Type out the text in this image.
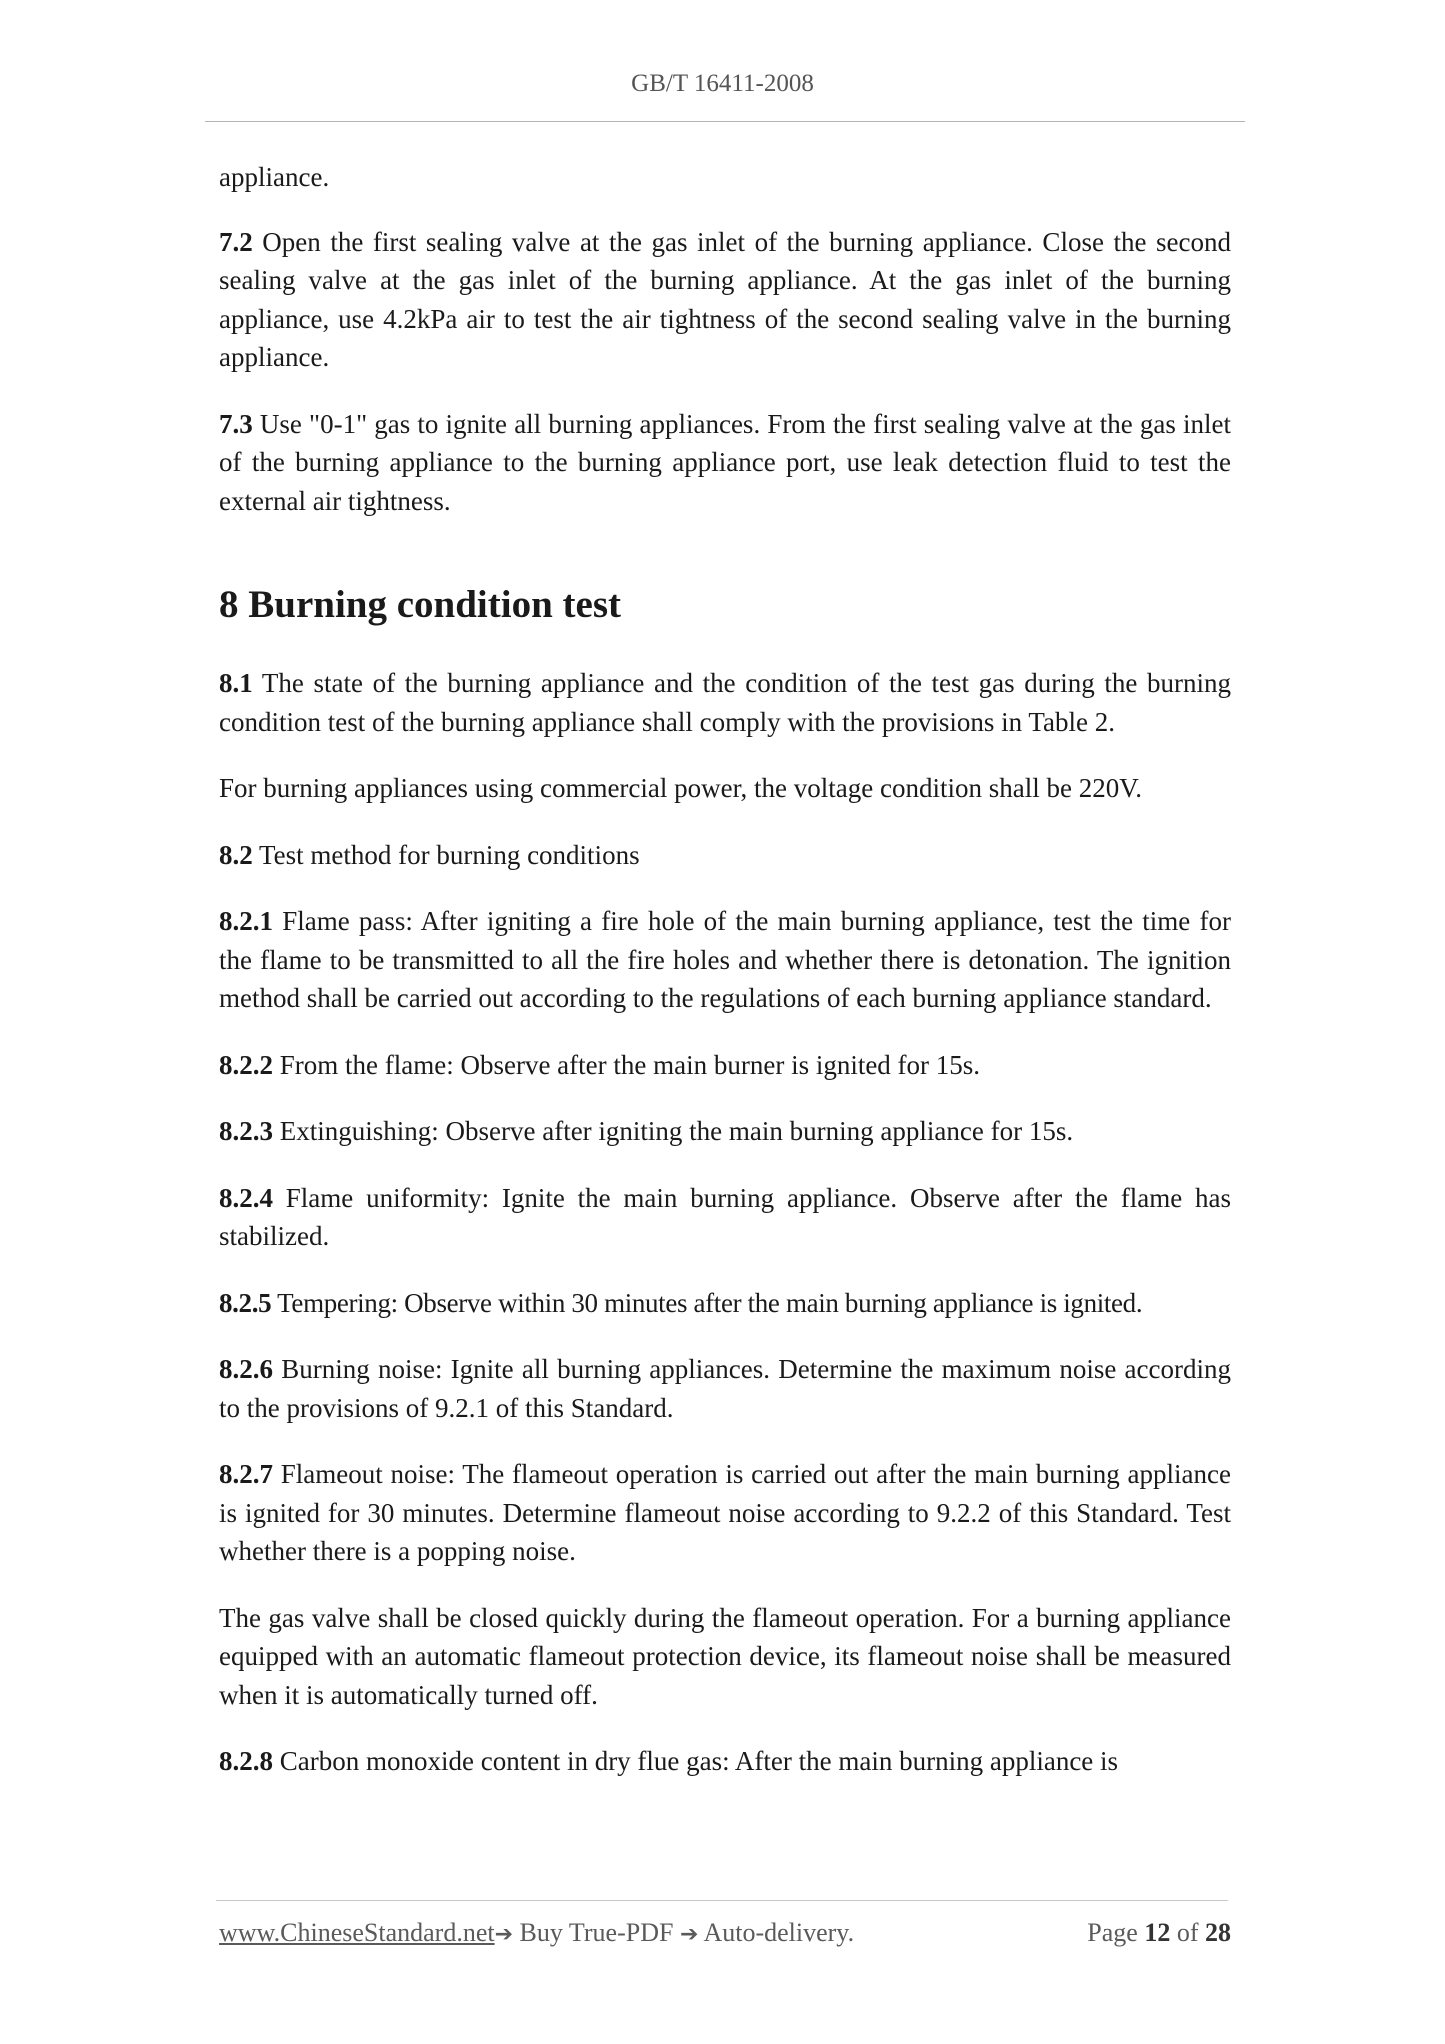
GB/T 16411-2008

appliance.

7.2 Open the first sealing valve at the gas inlet of the burning appliance. Close the second sealing valve at the gas inlet of the burning appliance. At the gas inlet of the burning appliance, use 4.2kPa air to test the air tightness of the second sealing valve in the burning appliance.

7.3 Use "0-1" gas to ignite all burning appliances. From the first sealing valve at the gas inlet of the burning appliance to the burning appliance port, use leak detection fluid to test the external air tightness.

8 Burning condition test

8.1 The state of the burning appliance and the condition of the test gas during the burning condition test of the burning appliance shall comply with the provisions in Table 2.

For burning appliances using commercial power, the voltage condition shall be 220V.

8.2 Test method for burning conditions

8.2.1 Flame pass: After igniting a fire hole of the main burning appliance, test the time for the flame to be transmitted to all the fire holes and whether there is detonation. The ignition method shall be carried out according to the regulations of each burning appliance standard.

8.2.2 From the flame: Observe after the main burner is ignited for 15s.

8.2.3 Extinguishing: Observe after igniting the main burning appliance for 15s.

8.2.4 Flame uniformity: Ignite the main burning appliance. Observe after the flame has stabilized.

8.2.5 Tempering: Observe within 30 minutes after the main burning appliance is ignited.

8.2.6 Burning noise: Ignite all burning appliances. Determine the maximum noise according to the provisions of 9.2.1 of this Standard.

8.2.7 Flameout noise: The flameout operation is carried out after the main burning appliance is ignited for 30 minutes. Determine flameout noise according to 9.2.2 of this Standard. Test whether there is a popping noise.

The gas valve shall be closed quickly during the flameout operation. For a burning appliance equipped with an automatic flameout protection device, its flameout noise shall be measured when it is automatically turned off.

8.2.8 Carbon monoxide content in dry flue gas: After the main burning appliance is

www.ChineseStandard.net➔ Buy True-PDF ➔ Auto-delivery.	Page 12 of 28
